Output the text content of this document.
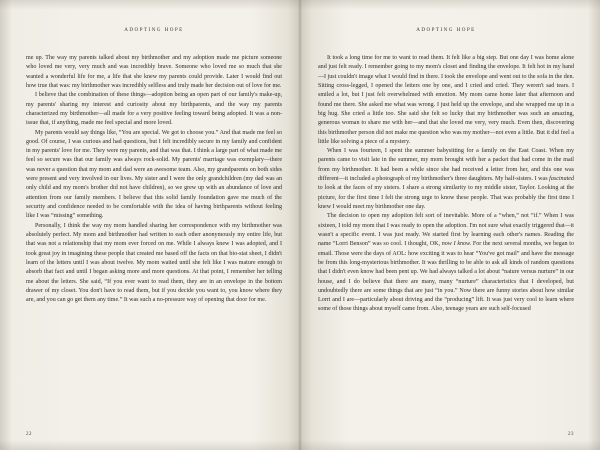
ADOPTING HOPE

me up. The way my parents talked about my birthmother and my adoption made me picture someone who loved me very, very much and was incredibly brave. Someone who loved me so much that she wanted a wonderful life for me, a life that she knew my parents could provide. Later I would find out how true that was: my birthmother was incredibly selfless and truly made her decision out of love for me.

I believe that the combination of these things—adoption being an open part of our family's make-up, my parents' sharing my interest and curiosity about my birthparents, and the way my parents characterized my birthmother—all made for a very positive feeling toward being adopted. It was a non-issue that, if anything, made me feel special and more loved.

My parents would say things like, “You are special. We got to choose you.” And that made me feel so good. Of course, I was curious and had questions, but I felt incredibly secure in my family and confident in my parents' love for me. They were my parents, and that was that. I think a large part of what made me feel so secure was that our family was always rock-solid. My parents' marriage was exemplary—there was never a question that my mom and dad were an awesome team. Also, my grandparents on both sides were present and very involved in our lives. My sister and I were the only grandchildren (my dad was an only child and my mom's brother did not have children), so we grew up with an abundance of love and attention from our family members. I believe that this solid family foundation gave me much of the security and confidence needed to be comfortable with the idea of having birthparents without feeling like I was “missing” something.

Personally, I think the way my mom handled sharing her correspondence with my birthmother was absolutely perfect. My mom and birthmother had written to each other anonymously my entire life, but that was not a relationship that my mom ever forced on me. While I always knew I was adopted, and I took great joy in imagining these people that created me based off the facts on that bio-stat sheet, I didn't learn of the letters until I was about twelve. My mom waited until she felt like I was mature enough to absorb that fact and until I began asking more and more questions. At that point, I remember her telling me about the letters. She said, “If you ever want to read them, they are in an envelope in the bottom drawer of my closet. You don't have to read them, but if you decide you want to, you know where they are, and you can go get them any time.” It was such a no-pressure way of opening that door for me.

22
ADOPTING HOPE

It took a long time for me to want to read them. It felt like a big step. But one day I was home alone and just felt ready. I remember going to my mom's closet and finding the envelope. It felt hot in my hand—I just couldn't image what I would find in there. I took the envelope and went out to the sofa in the den. Sitting cross-legged, I opened the letters one by one, and I cried and cried. They weren't sad tears. I smiled a lot, but I just felt overwhelmed with emotion. My mom came home later that afternoon and found me there. She asked me what was wrong. I just held up the envelope, and she wrapped me up in a big hug. She cried a little too. She said she felt so lucky that my birthmother was such an amazing, generous woman to share me with her—and that she loved me very, very much. Even then, discovering this birthmother person did not make me question who was my mother—not even a little. But it did feel a little like solving a piece of a mystery.

When I was fourteen, I spent the summer babysitting for a family on the East Coast. When my parents came to visit late in the summer, my mom brought with her a packet that had come in the mail from my birthmother. It had been a while since she had received a letter from her, and this one was different—it included a photograph of my birthmother's three daughters. My half-sisters. I was fascinated to look at the faces of my sisters. I share a strong similarity to my middle sister, Taylor. Looking at the picture, for the first time I felt the strong urge to know these people. That was probably the first time I knew I would meet my birthmother one day.

The decision to open my adoption felt sort of inevitable. More of a “when,” not “if.” When I was sixteen, I told my mom that I was ready to open the adoption. I'm not sure what exactly triggered that—it wasn't a specific event. I was just ready. We started first by learning each other's names. Reading the name “Lorri Benson” was so cool. I thought, OK, now I know. For the next several months, we began to email. Those were the days of AOL: how exciting it was to hear “You've got mail” and have the message be from this long-mysterious birthmother. It was thrilling to be able to ask all kinds of random questions that I didn't even know had been pent up. We had always talked a lot about “nature versus nurture” in our house, and I do believe that there are many, many “nurture” characteristics that I developed, but undoubtedly there are some things that are just “in you.” Now there are funny stories about how similar Lorri and I are—particularly about driving and the “producing” lift. It was just very cool to learn where some of those things about myself came from. Also, teenage years are such self-focused

23
